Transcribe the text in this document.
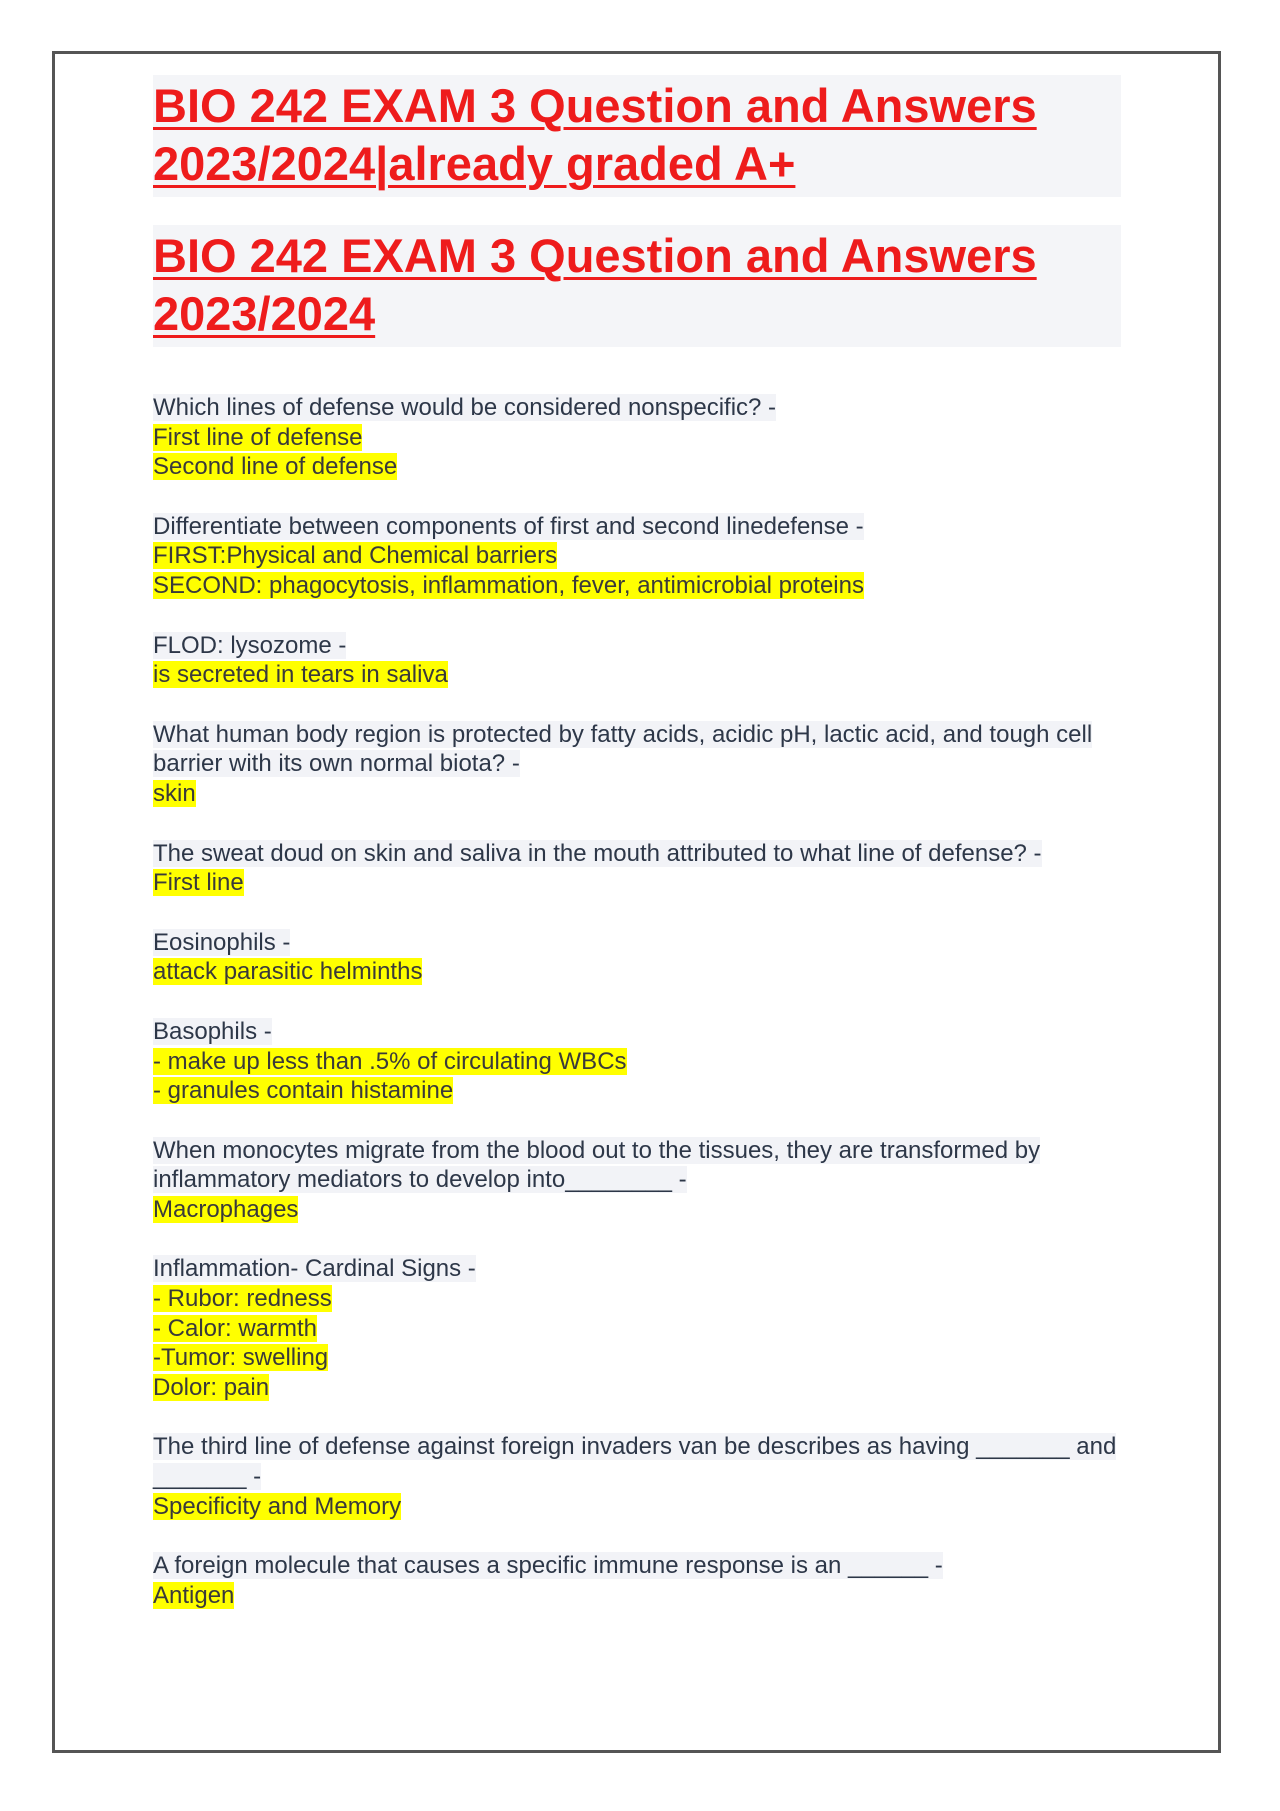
BIO 242 EXAM 3 Question and Answers 2023/2024|already graded A+
BIO 242 EXAM 3 Question and Answers 2023/2024
Which lines of defense would be considered nonspecific? -
First line of defense
Second line of defense
Differentiate between components of first and second linedefense -
FIRST:Physical and Chemical barriers
SECOND: phagocytosis, inflammation, fever, antimicrobial proteins
FLOD: lysozome -
is secreted in tears in saliva
What human body region is protected by fatty acids, acidic pH, lactic acid, and tough cell barrier with its own normal biota? -
skin
The sweat doud on skin and saliva in the mouth attributed to what line of defense? -
First line
Eosinophils -
attack parasitic helminths
Basophils -
- make up less than .5% of circulating WBCs
- granules contain histamine
When monocytes migrate from the blood out to the tissues, they are transformed by inflammatory mediators to develop into________ -
Macrophages
Inflammation- Cardinal Signs -
- Rubor: redness
- Calor: warmth
-Tumor: swelling
Dolor: pain
The third line of defense against foreign invaders van be describes as having _______ and _______ -
Specificity and Memory
A foreign molecule that causes a specific immune response is an ______ -
Antigen
